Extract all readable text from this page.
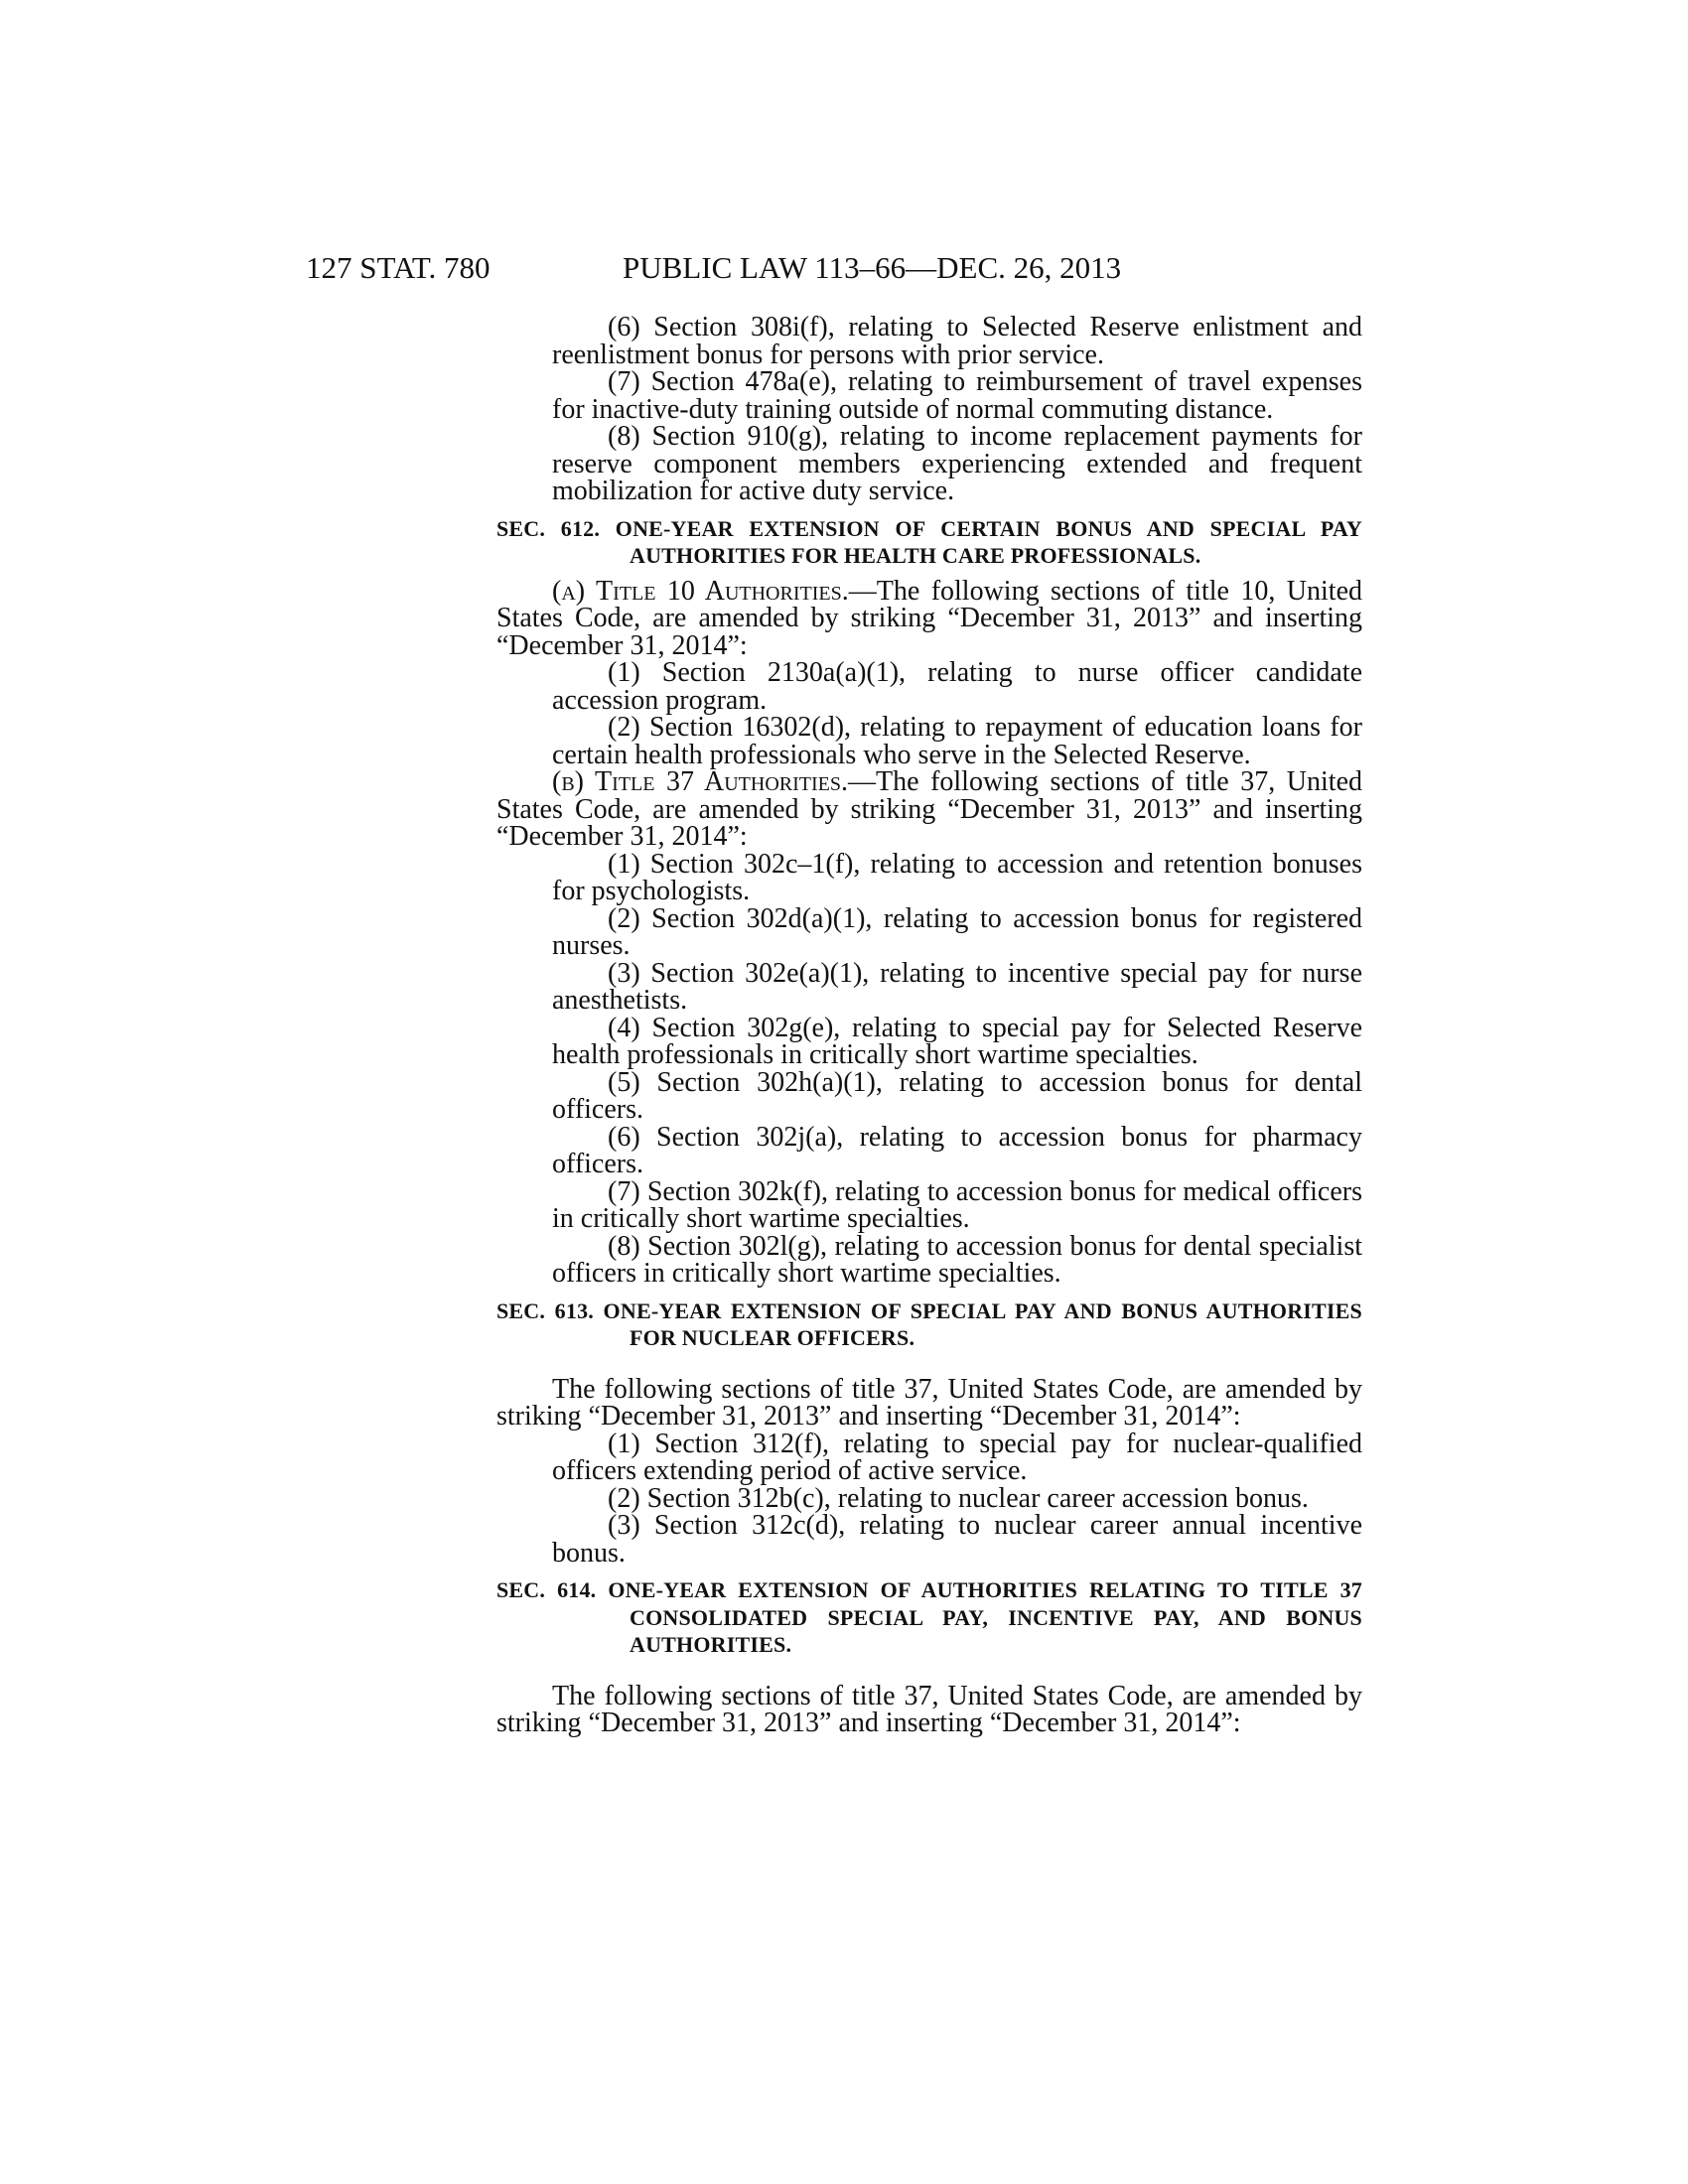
127 STAT. 780	PUBLIC LAW 113–66—DEC. 26, 2013

(6) Section 308i(f), relating to Selected Reserve enlistment and reenlistment bonus for persons with prior service.

(7) Section 478a(e), relating to reimbursement of travel expenses for inactive-duty training outside of normal commuting distance.

(8) Section 910(g), relating to income replacement payments for reserve component members experiencing extended and frequent mobilization for active duty service.

SEC. 612. ONE-YEAR EXTENSION OF CERTAIN BONUS AND SPECIAL PAY AUTHORITIES FOR HEALTH CARE PROFESSIONALS.

(a) Title 10 Authorities.—The following sections of title 10, United States Code, are amended by striking “December 31, 2013” and inserting “December 31, 2014”:

(1) Section 2130a(a)(1), relating to nurse officer candidate accession program.

(2) Section 16302(d), relating to repayment of education loans for certain health professionals who serve in the Selected Reserve.

(b) Title 37 Authorities.—The following sections of title 37, United States Code, are amended by striking “December 31, 2013” and inserting “December 31, 2014”:

(1) Section 302c–1(f), relating to accession and retention bonuses for psychologists.

(2) Section 302d(a)(1), relating to accession bonus for registered nurses.

(3) Section 302e(a)(1), relating to incentive special pay for nurse anesthetists.

(4) Section 302g(e), relating to special pay for Selected Reserve health professionals in critically short wartime specialties.

(5) Section 302h(a)(1), relating to accession bonus for dental officers.

(6) Section 302j(a), relating to accession bonus for pharmacy officers.

(7) Section 302k(f), relating to accession bonus for medical officers in critically short wartime specialties.

(8) Section 302l(g), relating to accession bonus for dental specialist officers in critically short wartime specialties.

SEC. 613. ONE-YEAR EXTENSION OF SPECIAL PAY AND BONUS AUTHORITIES FOR NUCLEAR OFFICERS.

The following sections of title 37, United States Code, are amended by striking “December 31, 2013” and inserting “December 31, 2014”:

(1) Section 312(f), relating to special pay for nuclear-qualified officers extending period of active service.

(2) Section 312b(c), relating to nuclear career accession bonus.

(3) Section 312c(d), relating to nuclear career annual incentive bonus.

SEC. 614. ONE-YEAR EXTENSION OF AUTHORITIES RELATING TO TITLE 37 CONSOLIDATED SPECIAL PAY, INCENTIVE PAY, AND BONUS AUTHORITIES.

The following sections of title 37, United States Code, are amended by striking “December 31, 2013” and inserting “December 31, 2014”:
